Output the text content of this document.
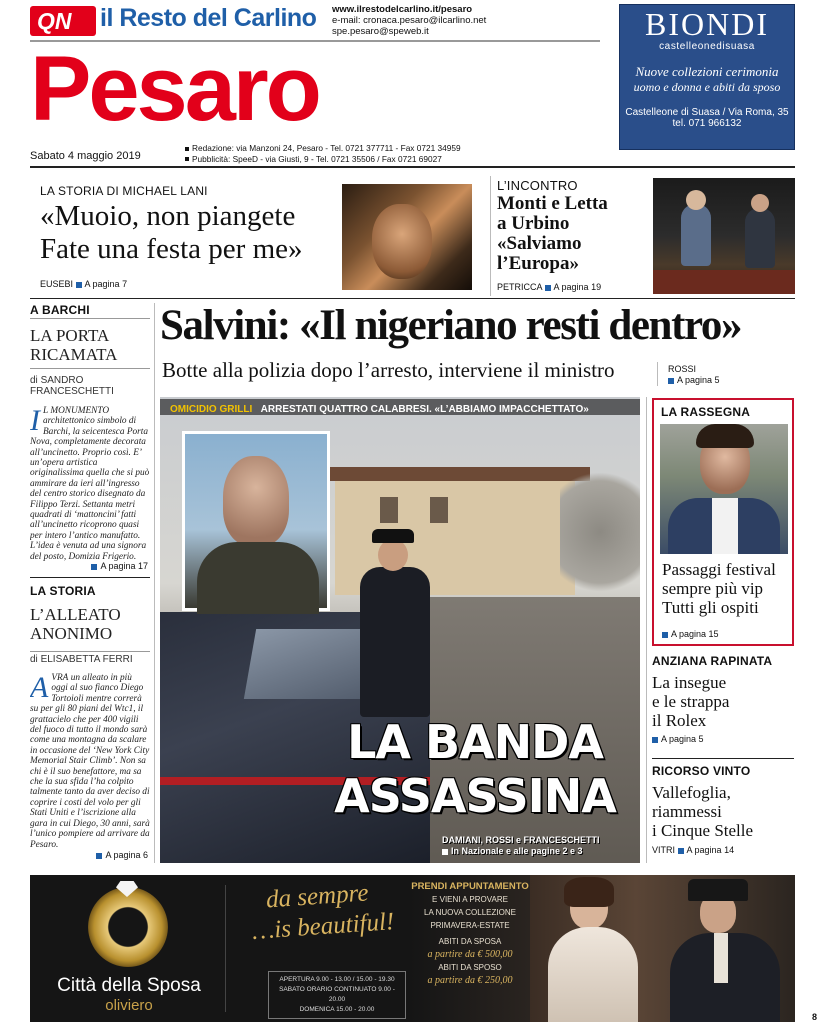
QN il Resto del Carlino www.ilrestodelcarlino.it/pesaro
e-mail: cronaca.pesaro@ilcarlino.net
spe.pesaro@speweb.it
Pesaro
Sabato 4 maggio 2019
Redazione: via Manzoni 24, Pesaro - Tel. 0721 377711 - Fax 0721 34959
Pubblicità: SpeeD - via Giusti, 9 - Tel. 0721 35506 / Fax 0721 69027
BIONDI
castelleonedisuasa
Nuove collezioni cerimonia
uomo e donna e abiti da sposo
Castelleone di Suasa / Via Roma, 35
tel. 071 966132
LA STORIA DI MICHAEL LANI
«Muoio, non piangete
Fate una festa per me»
EUSEBI A pagina 7
L’INCONTRO
Monti e Letta
a Urbino
«Salviamo
l’Europa»
PETRICCA A pagina 19
A BARCHI
LA PORTA
RICAMATA
di SANDRO FRANCESCHETTI
I L MONUMENTO architettonico simbolo di Barchi, la seicentesca Porta Nova, completamente decorata all’uncinetto. Proprio così. E’ un’opera artistica originalissima quella che si può ammirare da ieri all’ingresso del centro storico disegnato da Filippo Terzi. Settanta metri quadrati di ‘mattoncini’ fatti all’uncinetto ricoprono quasi per intero l’antico manufatto. L’idea è venuta ad una signora del posto, Domizia Frigerio.
A pagina 17
LA STORIA
L’ALLEATO
ANONIMO
di ELISABETTA FERRI
AVRÀ un alleato in più oggi al suo fianco Diego Tortoioli mentre correrà su per gli 80 piani del Wtc1, il grattacielo che per 400 vigili del fuoco di tutto il mondo sarà come una montagna da scalare in occasione del ‘New York City Memorial Stair Climb’. Non sa chi è il suo benefattore, ma sa che la sua sfida l’ha colpito talmente tanto da aver deciso di coprire i costi del volo per gli Stati Uniti e l’iscrizione alla gara in cui Diego, 30 anni, sarà l’unico pompiere ad arrivare da Pesaro.
A pagina 6
Salvini: «Il nigeriano resti dentro»
Botte alla polizia dopo l’arresto, interviene il ministro	ROSSI
A pagina 5
OMICIDIO GRILLI ARRESTATI QUATTRO CALABRESI. «L’ABBIAMO IMPACCHETTATO»
LA BANDA
ASSASSINA
DAMIANI, ROSSI e FRANCESCHETTI
In Nazionale e alle pagine 2 e 3
LA RASSEGNA
Passaggi festival
sempre più vip
Tutti gli ospiti
A pagina 15
ANZIANA RAPINATA
La insegue
e le strappa
il Rolex
A pagina 5
RICORSO VINTO
Vallefoglia,
riammessi
i Cinque Stelle
VITRI A pagina 14
Città della Sposa
oliviero
da sempre
…is beautiful!
APERTURA 9.00 - 13.00 / 15.00 - 19.30
SABATO ORARIO CONTINUATO 9.00 - 20.00
DOMENICA 15.00 - 20.00
PRENDI APPUNTAMENTO
E VIENI A PROVARE
LA NUOVA COLLEZIONE
PRIMAVERA-ESTATE
ABITI DA SPOSA
a partire da € 500,00
ABITI DA SPOSO
a partire da € 250,00
8
